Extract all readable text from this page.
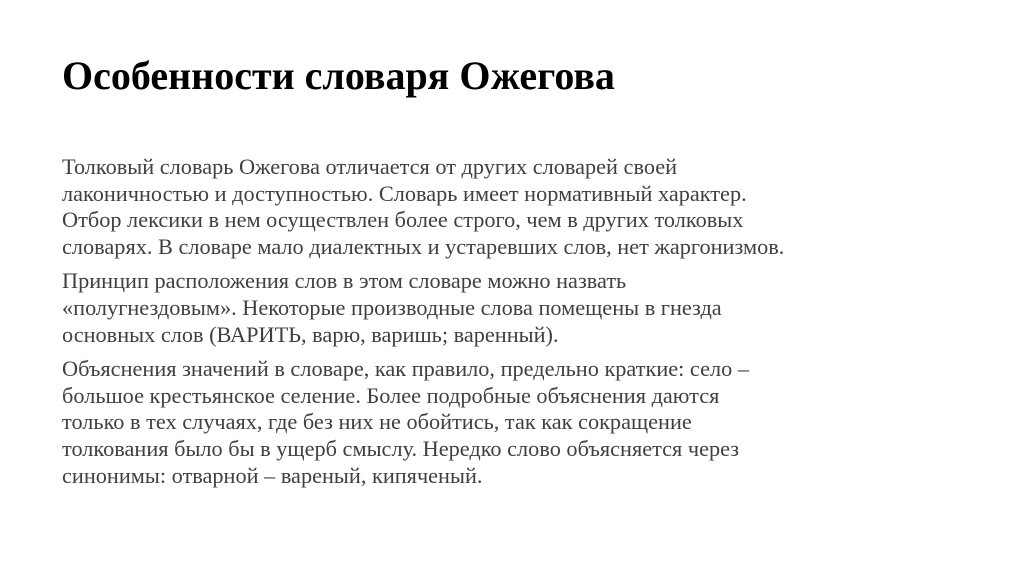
Особенности словаря Ожегова

Толковый словарь Ожегова отличается от других словарей своей
лаконичностью и доступностью. Словарь имеет нормативный характер.
Отбор лексики в нем осуществлен более строго, чем в других толковых
словарях. В словаре мало диалектных и устаревших слов, нет жаргонизмов.

Принцип расположения слов в этом словаре можно назвать
«полугнездовым». Некоторые производные слова помещены в гнезда
основных слов (ВАРИТЬ, варю, варишь; варенный).

Объяснения значений в словаре, как правило, предельно краткие: село –
большое крестьянское селение. Более подробные объяснения даются
только в тех случаях, где без них не обойтись, так как сокращение
толкования было бы в ущерб смыслу. Нередко слово объясняется через
синонимы: отварной – вареный, кипяченый.
